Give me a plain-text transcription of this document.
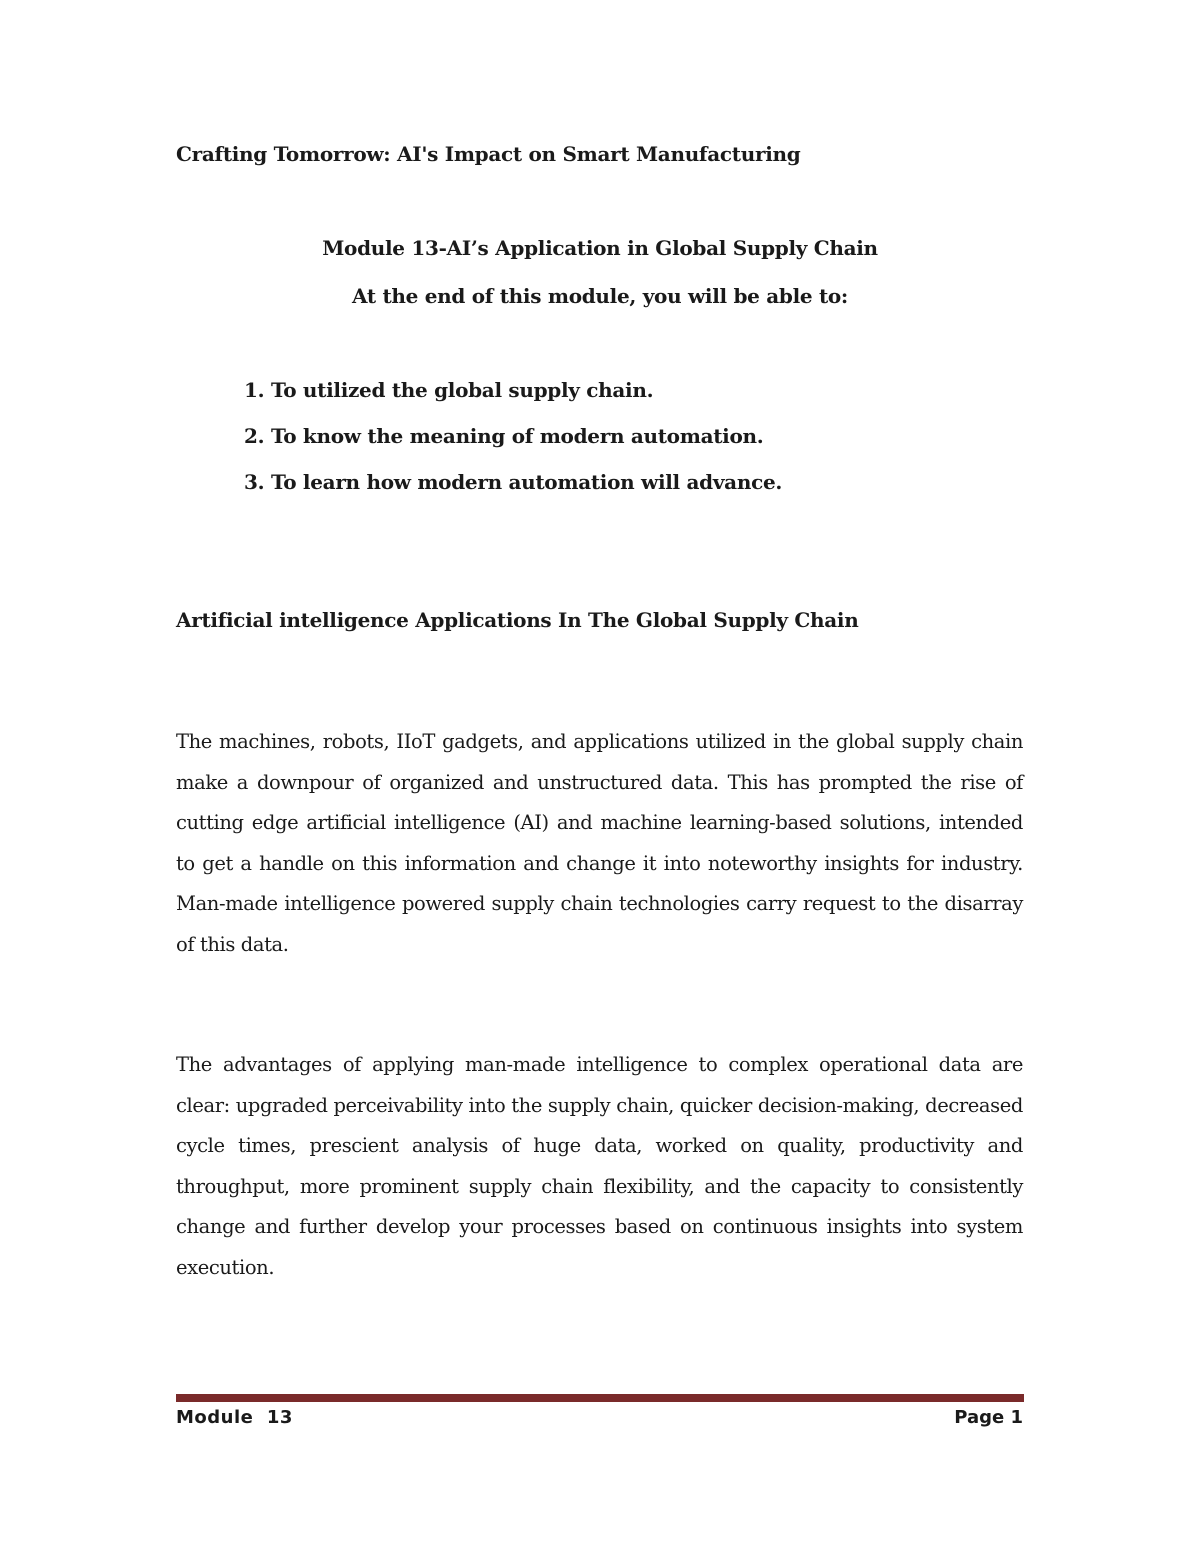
Crafting Tomorrow: AI's Impact on Smart Manufacturing
Module 13-AI’s Application in Global Supply Chain
At the end of this module, you will be able to:
1. To utilized the global supply chain.
2. To know the meaning of modern automation.
3. To learn how modern automation will advance.
Artificial intelligence Applications In The Global Supply Chain

The machines, robots, IIoT gadgets, and applications utilized in the global supply chain make a downpour of organized and unstructured data. This has prompted the rise of cutting edge artificial intelligence (AI) and machine learning-based solutions, intended to get a handle on this information and change it into noteworthy insights for industry. Man-made intelligence powered supply chain technologies carry request to the disarray of this data.

The advantages of applying man-made intelligence to complex operational data are clear: upgraded perceivability into the supply chain, quicker decision-making, decreased cycle times, prescient analysis of huge data, worked on quality, productivity and throughput, more prominent supply chain flexibility, and the capacity to consistently change and further develop your processes based on continuous insights into system execution.

Module  13	Page 1
